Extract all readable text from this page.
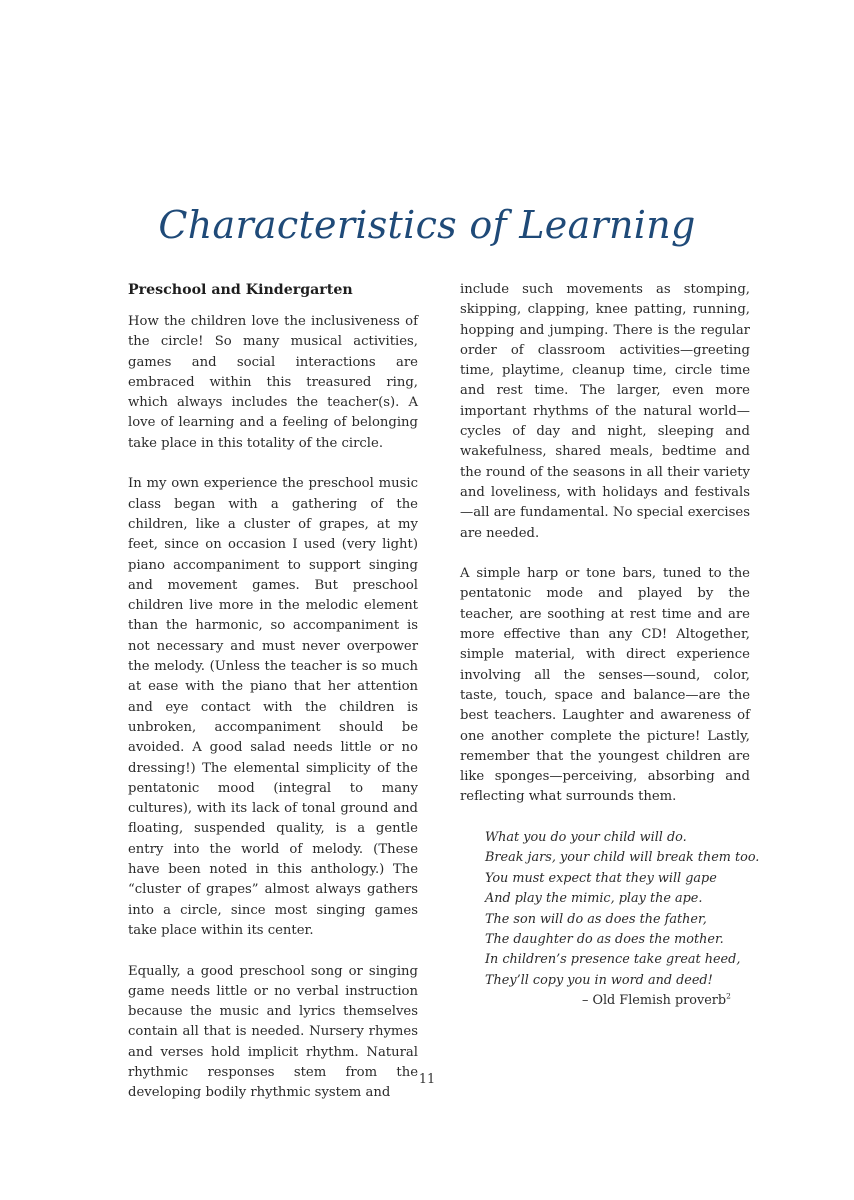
Characteristics of Learning
Preschool and Kindergarten

How the children love the inclusiveness of the circle! So many musical activities, games and social interactions are embraced within this treasured ring, which always includes the teacher(s). A love of learning and a feeling of belonging take place in this totality of the circle.

In my own experience the preschool music class began with a gathering of the children, like a cluster of grapes, at my feet, since on occasion I used (very light) piano accompaniment to support singing and movement games. But preschool children live more in the melodic element than the harmonic, so accompaniment is not necessary and must never overpower the melody. (Unless the teacher is so much at ease with the piano that her attention and eye contact with the children is unbroken, accompaniment should be avoided. A good salad needs little or no dressing!) The elemental simplicity of the pentatonic mood (integral to many cultures), with its lack of tonal ground and floating, suspended quality, is a gentle entry into the world of melody. (These have been noted in this anthology.) The “cluster of grapes” almost always gathers into a circle, since most singing games take place within its center.

Equally, a good preschool song or singing game needs little or no verbal instruction because the music and lyrics themselves contain all that is needed. Nursery rhymes and verses hold implicit rhythm. Natural rhythmic responses stem from the developing bodily rhythmic system and

include such movements as stomping, skipping, clapping, knee patting, running, hopping and jumping. There is the regular order of classroom activities—greeting time, playtime, cleanup time, circle time and rest time. The larger, even more important rhythms of the natural world—cycles of day and night, sleeping and wakefulness, shared meals, bedtime and the round of the seasons in all their variety and loveliness, with holidays and festivals—all are fundamental. No special exercises are needed.

A simple harp or tone bars, tuned to the pentatonic mode and played by the teacher, are soothing at rest time and are more effective than any CD! Altogether, simple material, with direct experience involving all the senses—sound, color, taste, touch, space and balance—are the best teachers. Laughter and awareness of one another complete the picture! Lastly, remember that the youngest children are like sponges—perceiving, absorbing and reflecting what surrounds them.

What you do your child will do.
Break jars, your child will break them too.
You must expect that they will gape
And play the mimic, play the ape.
The son will do as does the father,
The daughter do as does the mother.
In children’s presence take great heed,
They’ll copy you in word and deed!
– Old Flemish proverb$^2$
11
